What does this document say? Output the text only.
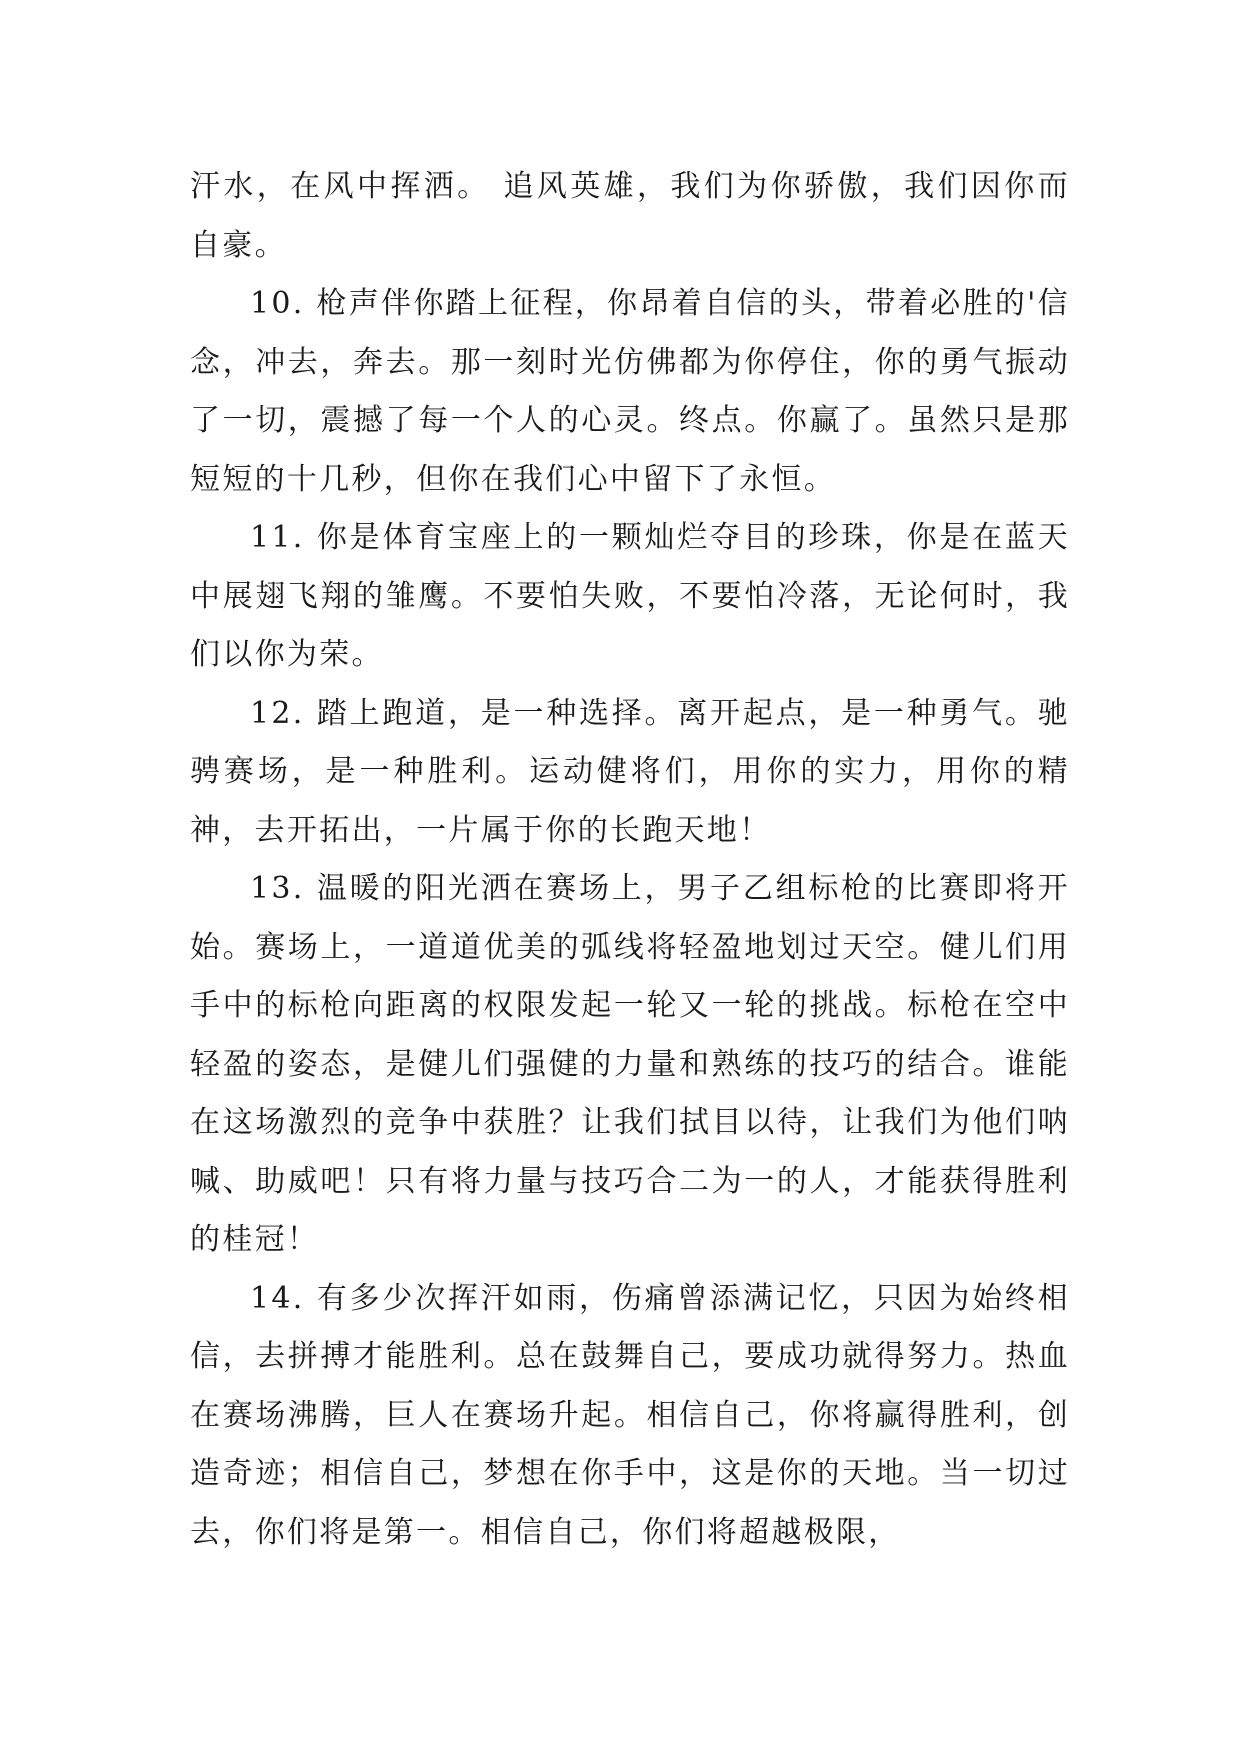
汗水，在风中挥洒。 追风英雄，我们为你骄傲，我们因你而自豪。

10. 枪声伴你踏上征程，你昂着自信的头，带着必胜的'信念，冲去，奔去。那一刻时光仿佛都为你停住，你的勇气振动了一切，震撼了每一个人的心灵。终点。你赢了。虽然只是那短短的十几秒，但你在我们心中留下了永恒。

11. 你是体育宝座上的一颗灿烂夺目的珍珠，你是在蓝天中展翅飞翔的雏鹰。不要怕失败，不要怕冷落，无论何时，我们以你为荣。

12. 踏上跑道，是一种选择。离开起点，是一种勇气。驰骋赛场，是一种胜利。运动健将们，用你的实力，用你的精神，去开拓出，一片属于你的长跑天地！

13. 温暖的阳光洒在赛场上，男子乙组标枪的比赛即将开始。赛场上，一道道优美的弧线将轻盈地划过天空。健儿们用手中的标枪向距离的权限发起一轮又一轮的挑战。标枪在空中轻盈的姿态，是健儿们强健的力量和熟练的技巧的结合。谁能在这场激烈的竞争中获胜？让我们拭目以待，让我们为他们呐喊、助威吧！只有将力量与技巧合二为一的人，才能获得胜利的桂冠！

14. 有多少次挥汗如雨，伤痛曾添满记忆，只因为始终相信，去拼搏才能胜利。总在鼓舞自己，要成功就得努力。热血在赛场沸腾，巨人在赛场升起。相信自己，你将赢得胜利，创造奇迹；相信自己，梦想在你手中，这是你的天地。当一切过去，你们将是第一。相信自己，你们将超越极限，
